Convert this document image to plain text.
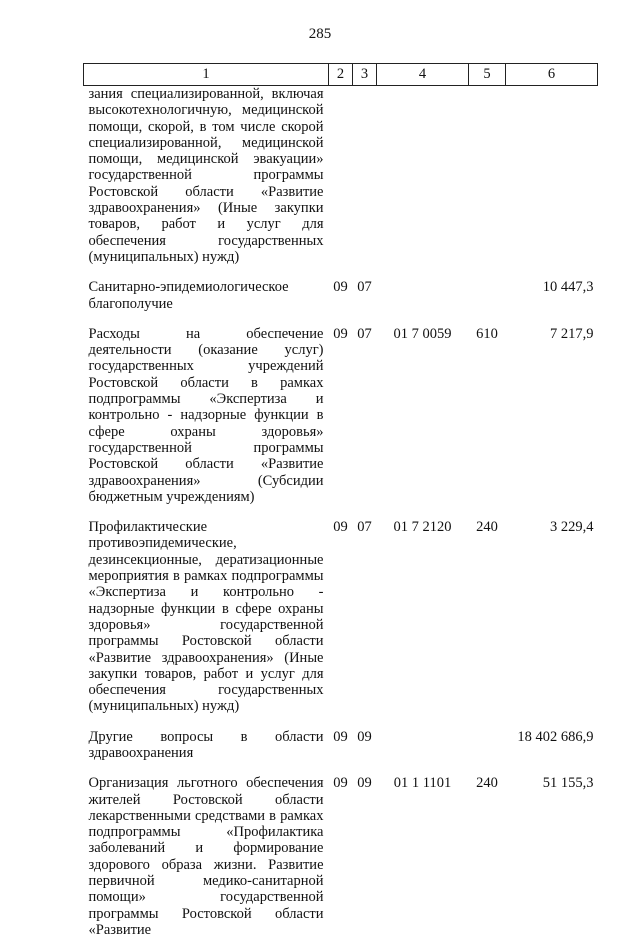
285
1	2	3	4	5	6
зания специализированной, включая высокотехнологичную, медицинской помощи, скорой, в том числе скорой специализированной, медицинской помощи, медицинской эвакуации» государственной программы Ростовской области «Развитие здравоохранения» (Иные закупки товаров, работ и услуг для обеспечения государственных (муниципальных) нужд)					
Санитарно-эпидемиологическое благополучие	09	07			10 447,3
Расходы на обеспечение деятельности (оказание услуг) государственных учреждений Ростовской области в рамках подпрограммы «Экспертиза и контрольно - надзорные функции в сфере охраны здоровья» государственной программы Ростовской области «Развитие здравоохранения» (Субсидии бюджетным учреждениям)	09	07	01 7 0059	610	7 217,9
Профилактические противоэпидемические, дезинсекционные, дератизационные мероприятия в рамках подпрограммы «Экспертиза и контрольно - надзорные функции в сфере охраны здоровья» государственной программы Ростовской области «Развитие здравоохранения» (Иные закупки товаров, работ и услуг для обеспечения государственных (муниципальных) нужд)	09	07	01 7 2120	240	3 229,4
Другие вопросы в области здравоохранения	09	09			18 402 686,9
Организация льготного обеспечения жителей Ростовской области лекарственными средствами в рамках подпрограммы «Профилактика заболеваний и формирование здорового образа жизни. Развитие первичной медико-санитарной помощи» государственной программы Ростовской области «Развитие	09	09	01 1 1101	240	51 155,3
